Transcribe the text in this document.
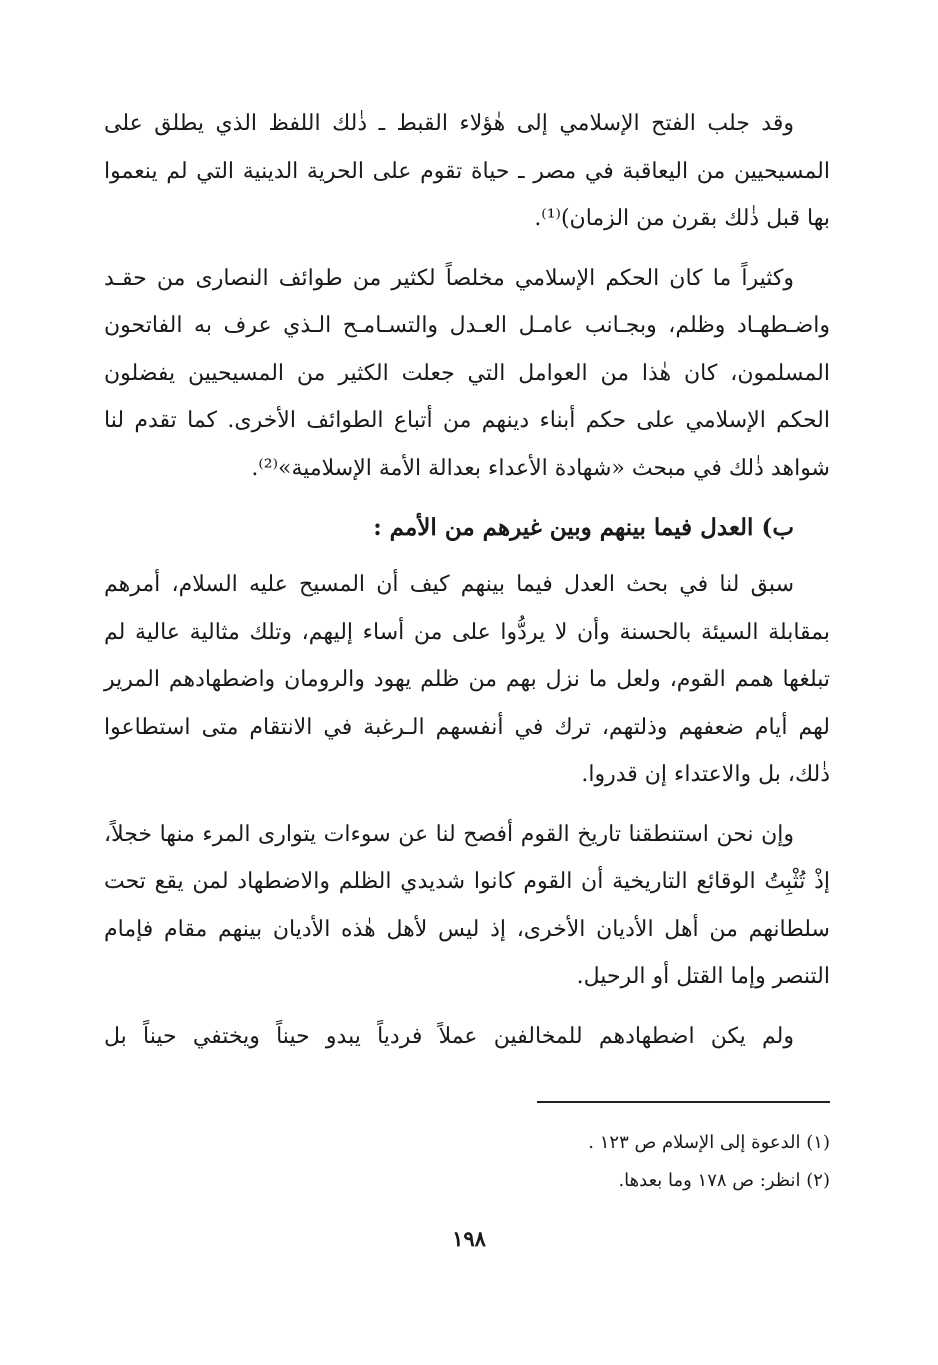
وقد جلب الفتح الإسلامي إلى هٰؤلاء القبط ـ ذٰلك اللفظ الذي يطلق على المسيحيين من اليعاقبة في مصر ـ حياة تقوم على الحرية الدينية التي لم ينعموا بها قبل ذٰلك بقرن من الزمان)⁽¹⁾.

وكثيراً ما كان الحكم الإسلامي مخلصاً لكثير من طوائف النصارى من حقـد واضـطهـاد وظلم، وبجـانب عامـل العـدل والتسـامـح الـذي عرف به الفاتحون المسلمون، كان هٰذا من العوامل التي جعلت الكثير من المسيحيين يفضلون الحكم الإسلامي على حكم أبناء دينهم من أتباع الطوائف الأخرى. كما تقدم لنا شواهد ذٰلك في مبحث «شهادة الأعداء بعدالة الأمة الإسلامية»⁽²⁾.

ب) العدل فيما بينهم وبين غيرهم من الأمم :

سبق لنا في بحث العدل فيما بينهم كيف أن المسيح عليه السلام، أمرهم بمقابلة السيئة بالحسنة وأن لا يردُّوا على من أساء إليهم، وتلك مثالية عالية لم تبلغها همم القوم، ولعل ما نزل بهم من ظلم يهود والرومان واضطهادهم المرير لهم أيام ضعفهم وذلتهم، ترك في أنفسهم الـرغبة في الانتقام متى استطاعوا ذٰلك، بل والاعتداء إن قدروا.

وإن نحن استنطقنا تاريخ القوم أفصح لنا عن سوءات يتوارى المرء منها خجلاً، إذْ تُثْبِتُ الوقائع التاريخية أن القوم كانوا شديدي الظلم والاضطهاد لمن يقع تحت سلطانهم من أهل الأديان الأخرى، إذ ليس لأهل هٰذه الأديان بينهم مقام فإمام التنصر وإما القتل أو الرحيل.

ولم يكن اضطهادهم للمخالفين عملاً فردياً يبدو حيناً ويختفي حيناً بل

(١) الدعوة إلى الإسلام ص ١٢٣ .
(٢) انظر: ص ١٧٨ وما بعدها.
١٩٨
